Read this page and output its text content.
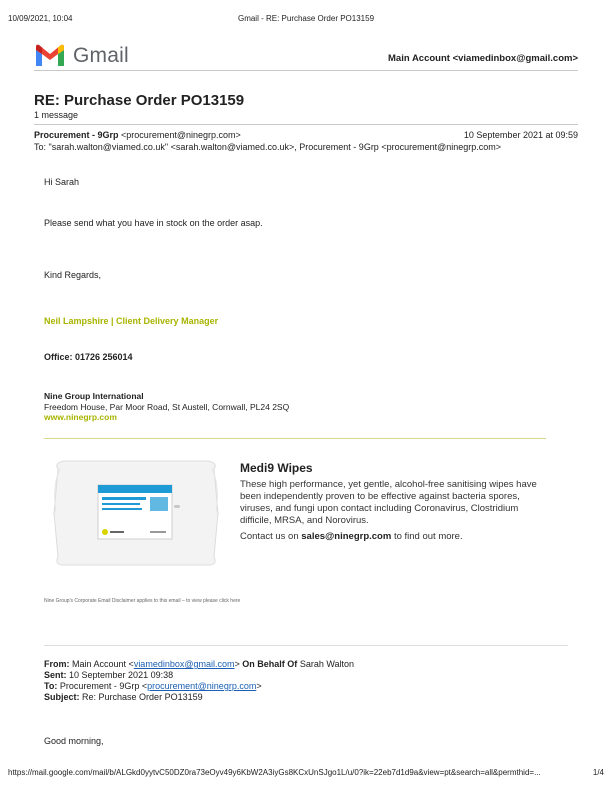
10/09/2021, 10:04	Gmail - RE: Purchase Order PO13159
Gmail	Main Account <viamedinbox@gmail.com>
RE: Purchase Order PO13159
1 message
Procurement - 9Grp <procurement@ninegrp.com>	10 September 2021 at 09:59
To: "sarah.walton@viamed.co.uk" <sarah.walton@viamed.co.uk>, Procurement - 9Grp <procurement@ninegrp.com>
Hi Sarah
Please send what you have in stock on the order asap.
Kind Regards,
Neil Lampshire | Client Delivery Manager
Office: 01726 256014
Nine Group International
Freedom House, Par Moor Road, St Austell, Cornwall, PL24 2SQ
www.ninegrp.com
Medi9 Wipes
These high performance, yet gentle, alcohol-free sanitising wipes have been independently proven to be effective against bacteria spores, viruses, and fungi upon contact including Coronavirus, Clostridium difficile, MRSA, and Norovirus.
Contact us on sales@ninegrp.com to find out more.
Nine Group's Corporate Email Disclaimer applies to this email – to view please click here
From: Main Account <viamedinbox@gmail.com> On Behalf Of Sarah Walton
Sent: 10 September 2021 09:38
To: Procurement - 9Grp <procurement@ninegrp.com>
Subject: Re: Purchase Order PO13159
Good morning,
https://mail.google.com/mail/b/ALGkd0yytvC50DZ0ra73eOyv49y6KbW2A3iyGs8KCxUnSJgo1L/u/0?ik=22eb7d1d9a&view=pt&search=all&permthid=...	1/4
